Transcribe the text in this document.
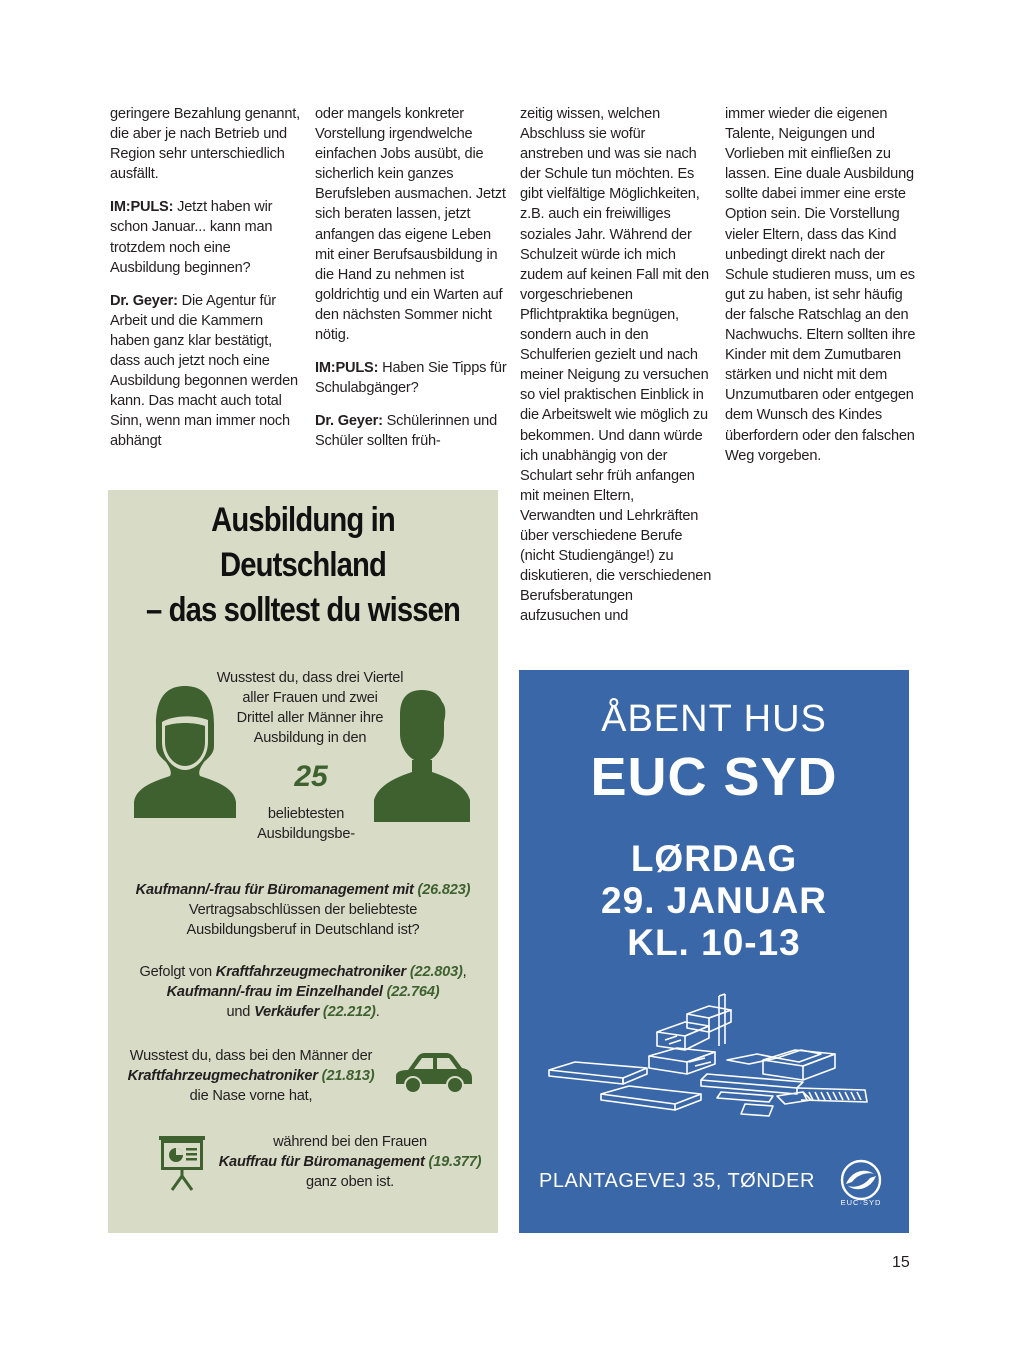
geringere Bezahlung genannt, die aber je nach Betrieb und Region sehr unterschiedlich ausfällt.

IM:PULS: Jetzt haben wir schon Januar... kann man trotzdem noch eine Ausbildung beginnen?

Dr. Geyer: Die Agentur für Arbeit und die Kammern haben ganz klar bestätigt, dass auch jetzt noch eine Ausbildung begonnen werden kann. Das macht auch total Sinn, wenn man immer noch abhängt

oder mangels konkreter Vorstellung irgendwelche einfachen Jobs ausübt, die sicherlich kein ganzes Berufsleben ausmachen. Jetzt sich beraten lassen, jetzt anfangen das eigene Leben mit einer Berufsausbildung in die Hand zu nehmen ist goldrichtig und ein Warten auf den nächsten Sommer nicht nötig.

IM:PULS: Haben Sie Tipps für Schulabgänger?

Dr. Geyer: Schülerinnen und Schüler sollten früh-

zeitig wissen, welchen Abschluss sie wofür anstreben und was sie nach der Schule tun möchten. Es gibt vielfältige Möglichkeiten, z.B. auch ein freiwilliges soziales Jahr. Während der Schulzeit würde ich mich zudem auf keinen Fall mit den vorgeschriebenen Pflichtpraktika begnügen, sondern auch in den Schulferien gezielt und nach meiner Neigung zu versuchen so viel praktischen Einblick in die Arbeitswelt wie möglich zu bekommen. Und dann würde ich unabhängig von der Schulart sehr früh anfangen mit meinen Eltern, Verwandten und Lehrkräften über verschiedene Berufe (nicht Studiengänge!) zu diskutieren, die verschiedenen Berufsberatungen aufzusuchen und

immer wieder die eigenen Talente, Neigungen und Vorlieben mit einfließen zu lassen. Eine duale Ausbildung sollte dabei immer eine erste Option sein. Die Vorstellung vieler Eltern, dass das Kind unbedingt direkt nach der Schule studieren muss, um es gut zu haben, ist sehr häufig der falsche Ratschlag an den Nachwuchs. Eltern sollten ihre Kinder mit dem Zumutbaren stärken und nicht mit dem Unzumutbaren oder entgegen dem Wunsch des Kindes überfordern oder den falschen Weg vorgeben.

Ausbildung in
Deutschland
– das solltest du wissen
Wusstest du, dass drei Viertel
aller Frauen und zwei
Drittel aller Männer ihre
Ausbildung in den
25
beliebtesten
Ausbildungsbe-
Kaufmann/-frau für Büromanagement mit (26.823)
Vertragsabschlüssen der beliebteste
Ausbildungsberuf in Deutschland ist?
Gefolgt von Kraftfahrzeugmechatroniker (22.803),
Kaufmann/-frau im Einzelhandel (22.764)
und Verkäufer (22.212).
Wusstest du, dass bei den Männer der
Kraftfahrzeugmechatroniker (21.813)
die Nase vorne hat,
während bei den Frauen
Kauffrau für Büromanagement (19.377)
ganz oben ist.
ÅBENT HUS
EUC SYD
LØRDAG
29. JANUAR
KL. 10-13
PLANTAGEVEJ 35, TØNDER
EUC·SYD
15
